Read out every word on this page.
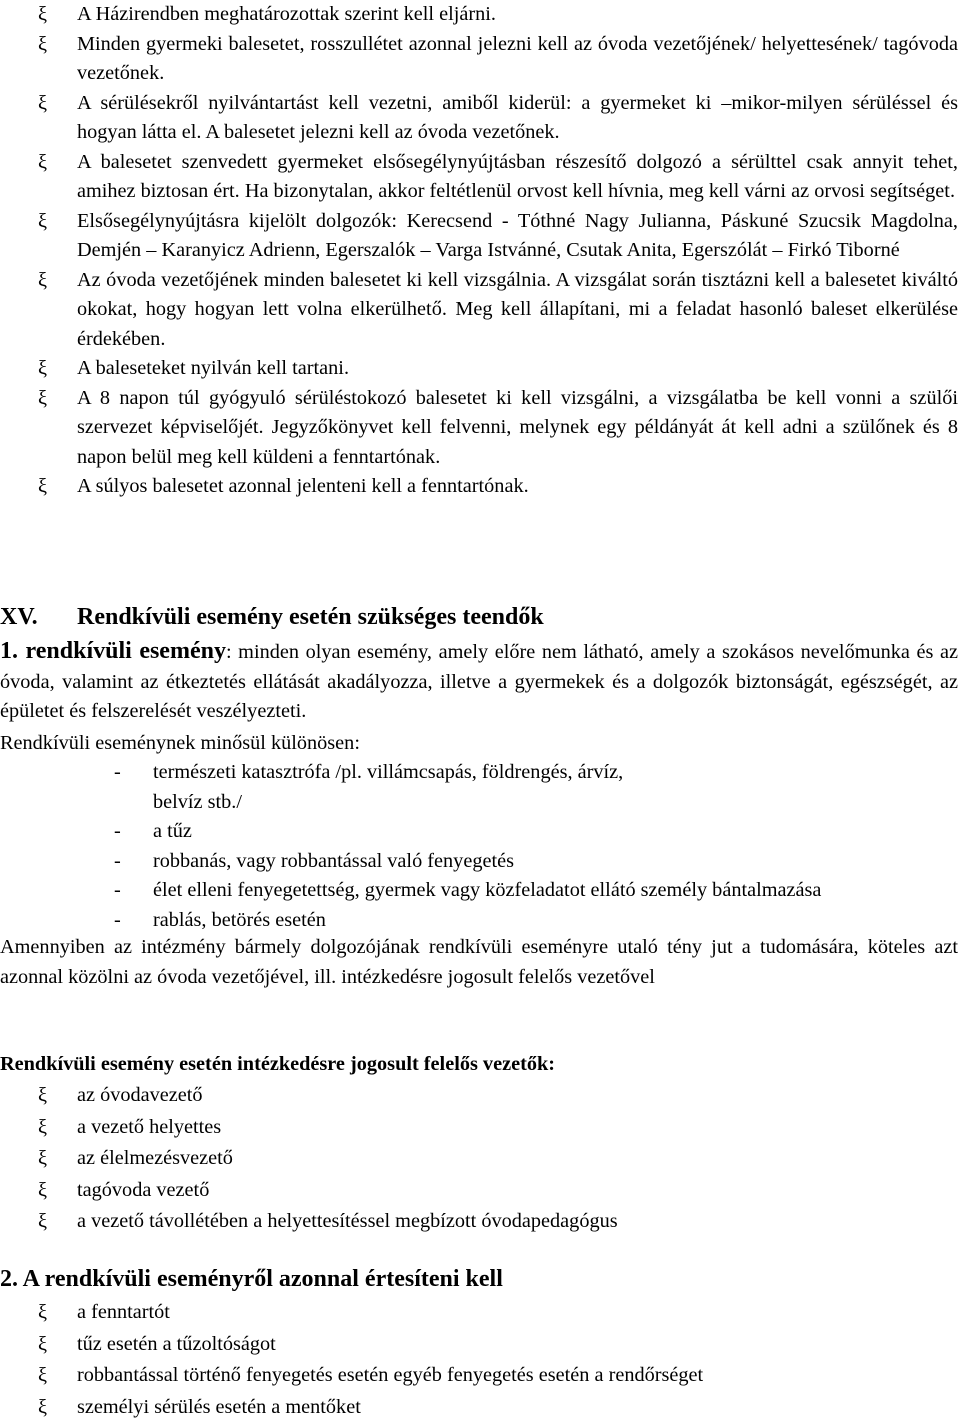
ξ	A Házirendben meghatározottak szerint kell eljárni.
ξ	Minden gyermeki balesetet, rosszullétet azonnal jelezni kell az óvoda vezetőjének/ helyettesének/ tagóvoda vezetőnek.
ξ	A sérülésekről nyilvántartást kell vezetni, amiből kiderül: a gyermeket ki –mikor-milyen sérüléssel és hogyan látta el. A balesetet jelezni kell az óvoda vezetőnek.
ξ	A balesetet szenvedett gyermeket elsősegélynyújtásban részesítő dolgozó a sérülttel csak annyit tehet, amihez biztosan ért. Ha bizonytalan, akkor feltétlenül orvost kell hívnia, meg kell várni az orvosi segítséget.
ξ	Elsősegélynyújtásra kijelölt dolgozók: Kerecsend - Tóthné Nagy Julianna, Páskuné Szucsik Magdolna, Demjén – Karanyicz Adrienn, Egerszalók – Varga Istvánné, Csutak Anita, Egerszólát – Firkó Tiborné
ξ	Az óvoda vezetőjének minden balesetet ki kell vizsgálnia. A vizsgálat során tisztázni kell a balesetet kiváltó okokat, hogy hogyan lett volna elkerülhető. Meg kell állapítani, mi a feladat hasonló baleset elkerülése érdekében.
ξ	A baleseteket nyilván kell tartani.
ξ	A 8 napon túl gyógyuló sérüléstokozó balesetet ki kell vizsgálni, a vizsgálatba be kell vonni a szülői szervezet képviselőjét. Jegyzőkönyvet kell felvenni, melynek egy példányát át kell adni a szülőnek és 8 napon belül meg kell küldeni a fenntartónak.
ξ	A súlyos balesetet azonnal jelenteni kell a fenntartónak.
XV. Rendkívüli esemény esetén szükséges teendők
1. rendkívüli esemény: minden olyan esemény, amely előre nem látható, amely a szokásos nevelőmunka és az óvoda, valamint az étkeztetés ellátását akadályozza, illetve a gyermekek és a dolgozók biztonságát, egészségét, az épületet és felszerelését veszélyezteti.
Rendkívüli eseménynek minősül különösen:
- természeti katasztrófa /pl. villámcsapás, földrengés, árvíz, belvíz stb./
- a tűz
- robbanás, vagy robbantással való fenyegetés
- élet elleni fenyegetettség, gyermek vagy közfeladatot ellátó személy bántalmazása
- rablás, betörés esetén
Amennyiben az intézmény bármely dolgozójának rendkívüli eseményre utaló tény jut a tudomására, köteles azt azonnal közölni az óvoda vezetőjével, ill. intézkedésre jogosult felelős vezetővel
Rendkívüli esemény esetén intézkedésre jogosult felelős vezetők:
ξ	az óvodavezető
ξ	a vezető helyettes
ξ	az élelmezésvezető
ξ	tagóvoda vezető
ξ	a vezető távollétében a helyettesítéssel megbízott óvodapedagógus
2. A rendkívüli eseményről azonnal értesíteni kell
ξ	a fenntartót
ξ	tűz esetén a tűzoltóságot
ξ	robbantással történő fenyegetés esetén egyéb fenyegetés esetén a rendőrséget
ξ	személyi sérülés esetén a mentőket
